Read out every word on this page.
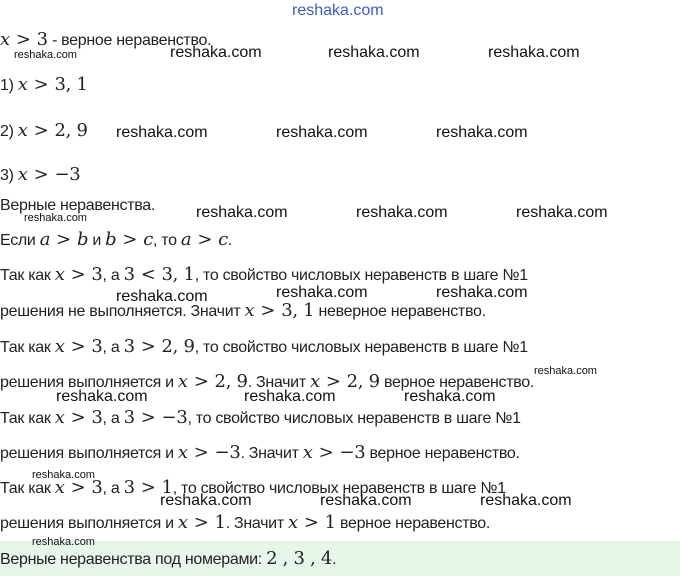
reshaka.com
x > 3 - верное неравенство.
1) x > 3, 1
2) x > 2, 9
3) x > −3
Верные неравенства.
Если a > b и b > c, то a > c.
Так как x > 3, а 3 < 3, 1, то свойство числовых неравенств в шаге №1
решения не выполняется. Значит x > 3, 1 неверное неравенство.
Так как x > 3, а 3 > 2, 9, то свойство числовых неравенств в шаге №1
решения выполняется и x > 2, 9. Значит x > 2, 9 верное неравенство.
Так как x > 3, а 3 > −3, то свойство числовых неравенств в шаге №1
решения выполняется и x > −3. Значит x > −3 верное неравенство.
Так как x > 3, а 3 > 1, то свойство числовых неравенств в шаге №1
решения выполняется и x > 1. Значит x > 1 верное неравенство.
Верные неравенства под номерами: 2 , 3 , 4.
reshaka.com	reshaka.com	reshaka.com	reshaka.com
reshaka.com	reshaka.com	reshaka.com
reshaka.com	reshaka.com	reshaka.com
reshaka.com
reshaka.com	reshaka.com	reshaka.com
reshaka.com
reshaka.com	reshaka.com	reshaka.com
reshaka.com
reshaka.com	reshaka.com	reshaka.com
reshaka.com
